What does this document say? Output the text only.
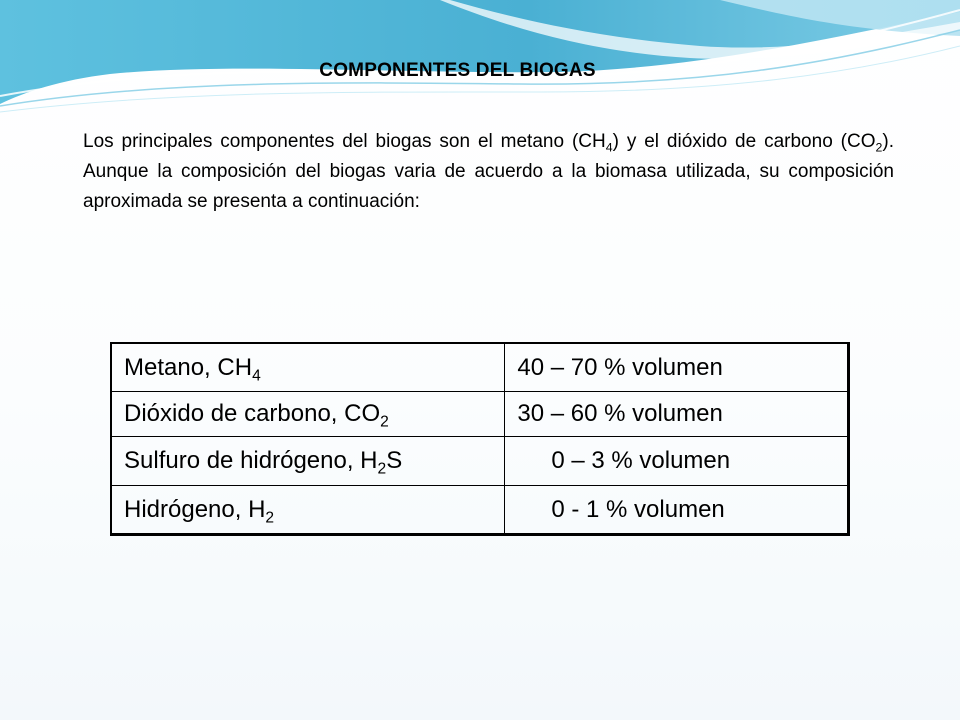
COMPONENTES DEL BIOGAS

Los principales componentes del biogas son el metano $(CH_4)$ y el dióxido de carbono $(CO_2)$. Aunque la composición del biogas varia de acuerdo a la biomasa utilizada, su composición aproximada se presenta a continuación:

Metano, $CH_4$	40 – 70 % volumen
Dióxido de carbono, $CO_2$	30 – 60 % volumen
Sulfuro de hidrógeno, $H_2S$	0 – 3 % volumen
Hidrógeno, $H_2$	0 - 1 % volumen
